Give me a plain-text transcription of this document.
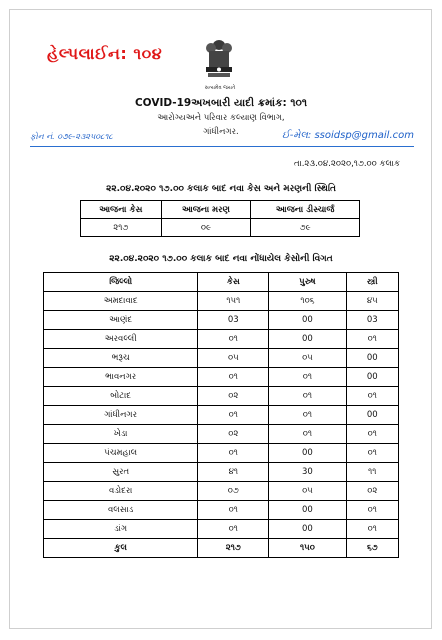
હેલ્પલાઈન: ૧૦૪
સત્યમેવ જયતે
COVID-19અખબારી યાદી ક્રમાંક: ૧૦૧
આરોગ્યઅને પરિવાર કલ્યાણ વિભાગ,
ગાંધીનગર.
ફોન નં. ૦૭૯-૨૩૨૫૦૮૧૮	ઈ-મેલ: ssoidsp@gmail.com
તા.૨૩.૦૪.૨૦૨૦,૧૭.૦૦ કલાક
૨૨.૦૪.૨૦૨૦ ૧૭.૦૦ કલાક બાદ નવા કેસ અને મરણની સ્થિતિ
આજના કેસ	આજના મરણ	આજના ડીસ્ચાર્જ
૨૧૭	૦૯	૭૯
૨૨.૦૪.૨૦૨૦ ૧૭.૦૦ કલાક બાદ નવા નોંધાયેલ કેસોની વિગત
જિલ્લો	કેસ	પુરુષ	સ્ત્રી
અમદાવાદ	૧૫૧	૧૦૬	૪૫
આણંદ	03	00	03
અરવલ્લી	૦૧	00	૦૧
ભરૂચ	૦૫	૦૫	00
ભાવનગર	૦૧	૦૧	00
બોટાદ	૦૨	૦૧	૦૧
ગાંધીનગર	૦૧	૦૧	00
ખેડા	૦૨	૦૧	૦૧
પંચમહાલ	૦૧	00	૦૧
સુરત	૪૧	30	૧૧
વડોદરા	૦૭	૦૫	૦૨
વલસાડ	૦૧	00	૦૧
ડાંગ	૦૧	00	૦૧
કુલ	૨૧૭	૧૫૦	૬૭
